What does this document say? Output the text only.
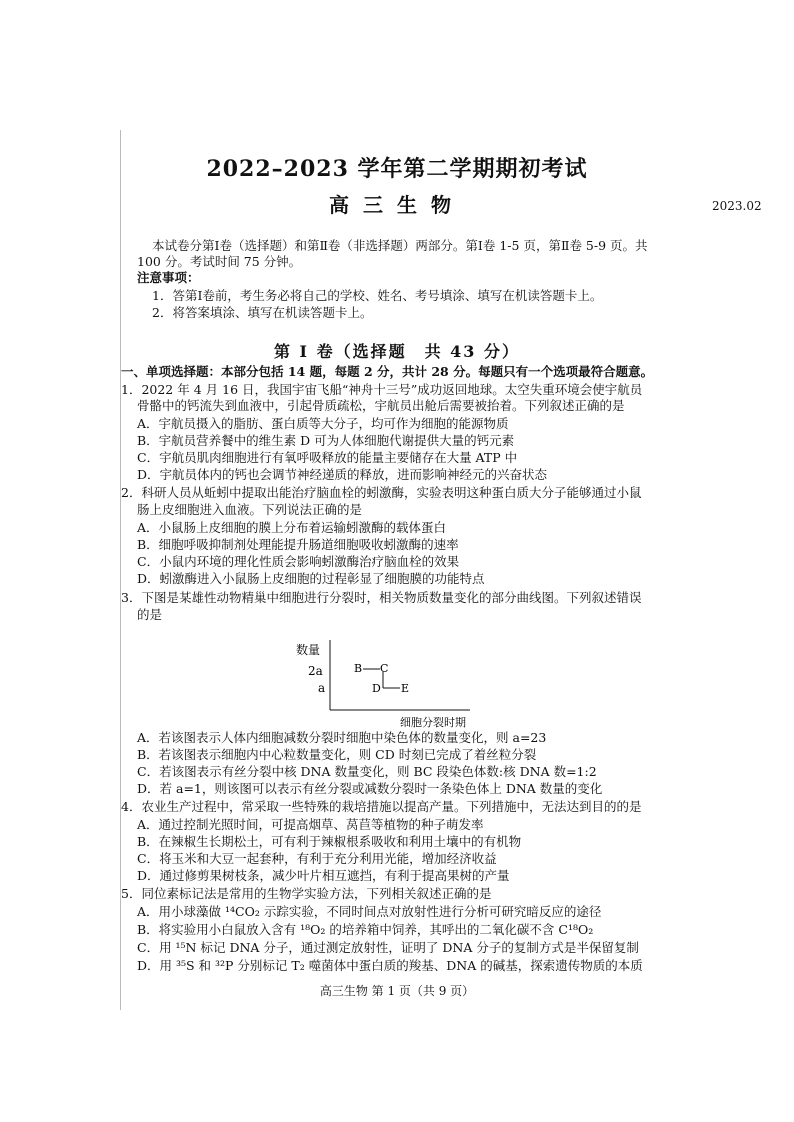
2022–2023 学年第二学期期初考试
高三生物	2023.02
本试卷分第Ⅰ卷（选择题）和第Ⅱ卷（非选择题）两部分。第Ⅰ卷 1-5 页，第Ⅱ卷 5-9 页。共
100 分。考试时间 75 分钟。
注意事项：
1．答第Ⅰ卷前，考生务必将自己的学校、姓名、考号填涂、填写在机读答题卡上。
2．将答案填涂、填写在机读答题卡上。
第 Ⅰ 卷（选择题　共 43 分）
一、单项选择题：本部分包括 14 题，每题 2 分，共计 28 分。每题只有一个选项最符合题意。
1．2022 年 4 月 16 日，我国宇宙飞船“神舟十三号”成功返回地球。太空失重环境会使宇航员
骨骼中的钙流失到血液中，引起骨质疏松，宇航员出舱后需要被抬着。下列叙述正确的是
A．宇航员摄入的脂肪、蛋白质等大分子，均可作为细胞的能源物质
B．宇航员营养餐中的维生素 D 可为人体细胞代谢提供大量的钙元素
C．宇航员肌肉细胞进行有氧呼吸释放的能量主要储存在大量 ATP 中
D．宇航员体内的钙也会调节神经递质的释放，进而影响神经元的兴奋状态
2．科研人员从蚯蚓中提取出能治疗脑血栓的蚓激酶，实验表明这种蛋白质大分子能够通过小鼠
肠上皮细胞进入血液。下列说法正确的是
A．小鼠肠上皮细胞的膜上分布着运输蚓激酶的载体蛋白
B．细胞呼吸抑制剂处理能提升肠道细胞吸收蚓激酶的速率
C．小鼠内环境的理化性质会影响蚓激酶治疗脑血栓的效果
D．蚓激酶进入小鼠肠上皮细胞的过程彰显了细胞膜的功能特点
3．下图是某雄性动物精巢中细胞进行分裂时，相关物质数量变化的部分曲线图。下列叙述错误
的是
数量
2a
a
B C
D E
细胞分裂时期
A．若该图表示人体内细胞减数分裂时细胞中染色体的数量变化，则 a=23
B．若该图表示细胞内中心粒数量变化，则 CD 时刻已完成了着丝粒分裂
C．若该图表示有丝分裂中核 DNA 数量变化，则 BC 段染色体数:核 DNA 数=1:2
D．若 a=1，则该图可以表示有丝分裂或减数分裂时一条染色体上 DNA 数量的变化
4．农业生产过程中，常采取一些特殊的栽培措施以提高产量。下列措施中，无法达到目的的是
A．通过控制光照时间，可提高烟草、莴苣等植物的种子萌发率
B．在辣椒生长期松土，可有利于辣椒根系吸收和利用土壤中的有机物
C．将玉米和大豆一起套种，有利于充分利用光能，增加经济收益
D．通过修剪果树枝条，减少叶片相互遮挡，有利于提高果树的产量
5．同位素标记法是常用的生物学实验方法，下列相关叙述正确的是
A．用小球藻做 ¹⁴CO₂ 示踪实验，不同时间点对放射性进行分析可研究暗反应的途径
B．将实验用小白鼠放入含有 ¹⁸O₂ 的培养箱中饲养，其呼出的二氧化碳不含 C¹⁸O₂
C．用 ¹⁵N 标记 DNA 分子，通过测定放射性，证明了 DNA 分子的复制方式是半保留复制
D．用 ³⁵S 和 ³²P 分别标记 T₂ 噬菌体中蛋白质的羧基、DNA 的碱基，探索遗传物质的本质
高三生物 第 1 页（共 9 页）
